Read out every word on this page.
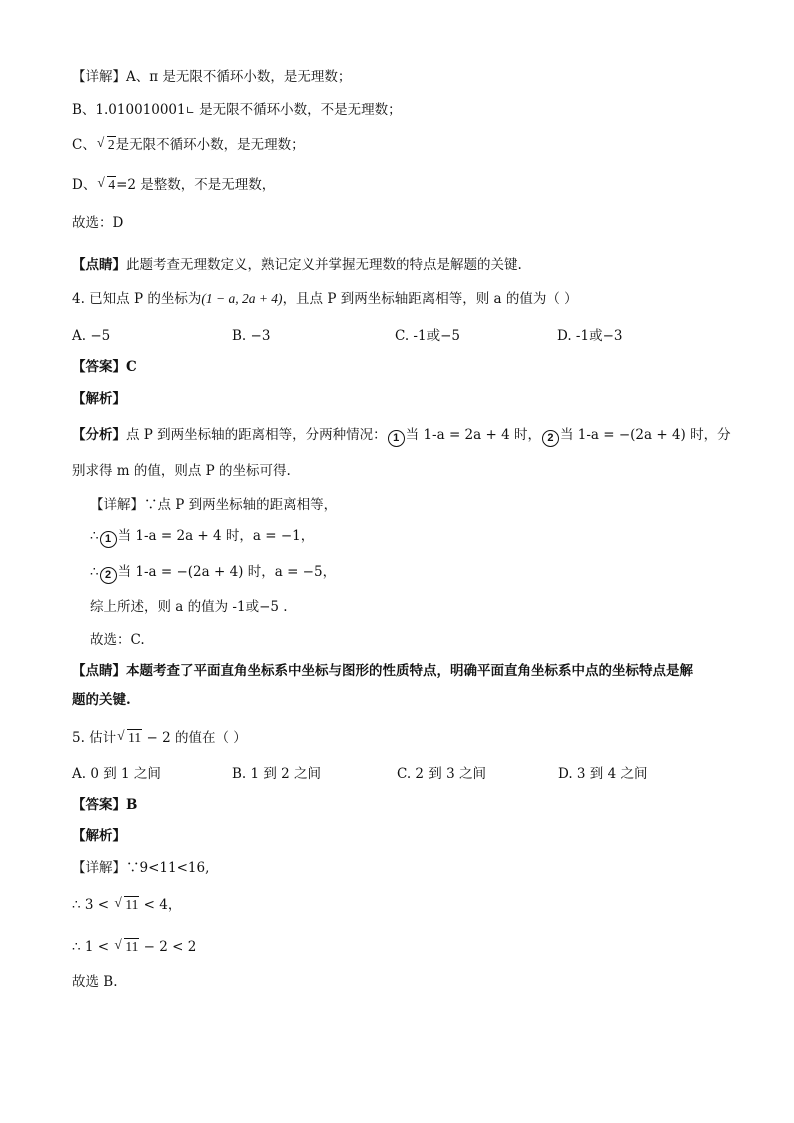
【详解】A、π 是无限不循环小数，是无理数；
B、1.010010001∟ 是无限不循环小数，不是无理数；
C、 √ 2是无限不循环小数，是无理数；
D、 √ 4=2 是整数，不是无理数，
故选：D
【点睛】此题考查无理数定义，熟记定义并掌握无理数的特点是解题的关键.
4. 已知点 P 的坐标为(1 − a, 2a + 4)，且点 P 到两坐标轴距离相等，则 a 的值为（ ）
A. −5	B. −3	C. -1或−5	D. -1或−3
【答案】C
【解析】
【分析】点 P 到两坐标轴的距离相等，分两种情况： 1 当 1-a = 2a + 4 时， 2 当 1-a = −(2a + 4) 时，分
别求得 m 的值，则点 P 的坐标可得.
【详解】∵点 P 到两坐标轴的距离相等，
∴ 1 当 1-a = 2a + 4 时，a = −1，
∴ 2 当 1-a = −(2a + 4) 时，a = −5，
综上所述，则 a 的值为 -1或−5 .
故选：C.
【点睛】本题考查了平面直角坐标系中坐标与图形的性质特点，明确平面直角坐标系中点的坐标特点是解
题的关键.
5. 估计 √ 11 − 2 的值在（ ）
A. 0 到 1 之间	B. 1 到 2 之间	C. 2 到 3 之间	D. 3 到 4 之间
【答案】B
【解析】
【详解】∵9<11<16,
∴ 3 < √ 11 < 4，
∴ 1 < √ 11 − 2 < 2
故选 B.
